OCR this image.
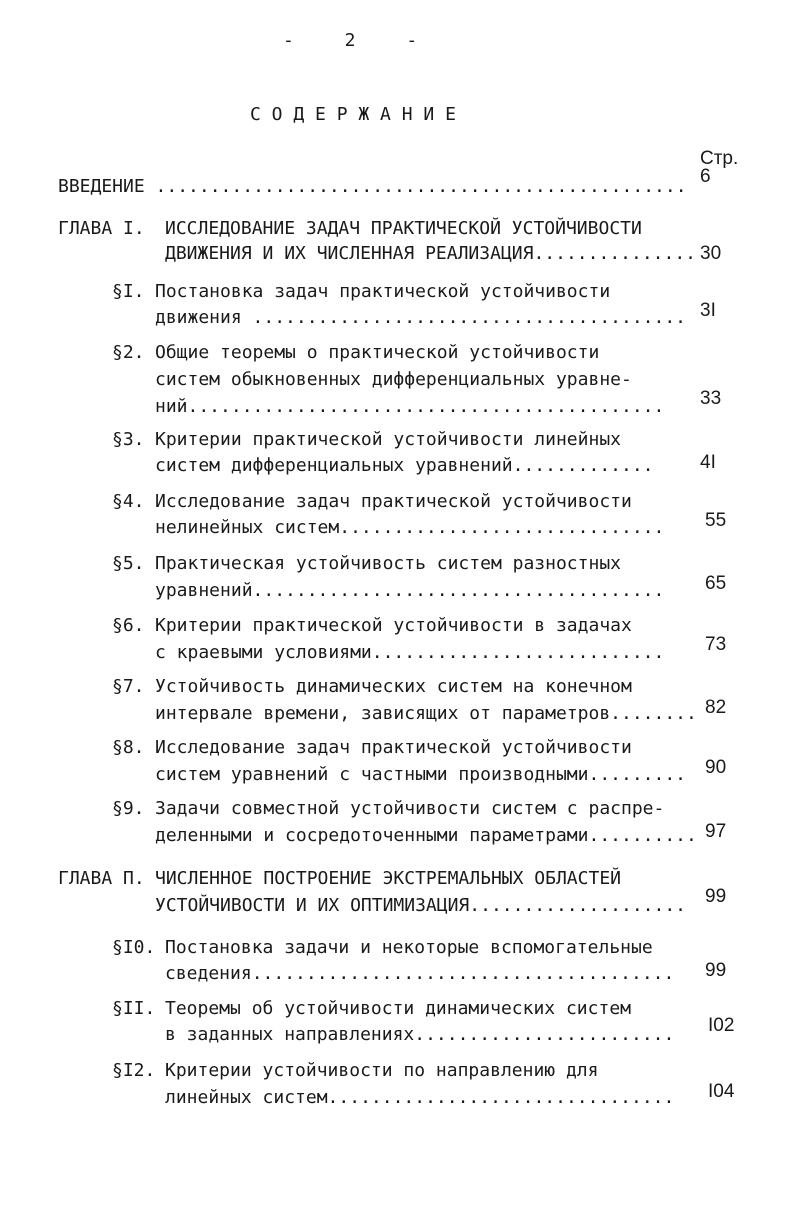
- 2 -
С О Д Е Р Ж А Н И Е
Стр.
ВВЕДЕНИЕ ................................................. 6
ГЛАВА I. ИССЛЕДОВАНИЕ ЗАДАЧ ПРАКТИЧЕСКОЙ УСТОЙЧИВОСТИ
ДВИЖЕНИЯ И ИХ ЧИСЛЕННАЯ РЕАЛИЗАЦИЯ............... 30
§I. Постановка задач практической устойчивости
движения ........................................ 3I
§2. Общие теоремы о практической устойчивости
систем обыкновенных дифференциальных уравне-
ний............................................ 33
§3. Критерии практической устойчивости линейных
систем дифференциальных уравнений............. 4I
§4. Исследование задач практической устойчивости
нелинейных систем.............................. 55
§5. Практическая устойчивость систем разностных
уравнений...................................... 65
§6. Критерии практической устойчивости в задачах
с краевыми условиями........................... 73
§7. Устойчивость динамических систем на конечном
интервале времени, зависящих от параметров........ 82
§8. Исследование задач практической устойчивости
систем уравнений с частными производными......... 90
§9. Задачи совместной устойчивости систем с распре-
деленными и сосредоточенными параметрами.......... 97
ГЛАВА П. ЧИСЛЕННОЕ ПОСТРОЕНИЕ ЭКСТРЕМАЛЬНЫХ ОБЛАСТЕЙ
УСТОЙЧИВОСТИ И ИХ ОПТИМИЗАЦИЯ.................... 99
§I0. Постановка задачи и некоторые вспомогательные
сведения....................................... 99
§II. Теоремы об устойчивости динамических систем
в заданных направлениях........................ I02
§I2. Критерии устойчивости по направлению для
линейных систем................................ I04
